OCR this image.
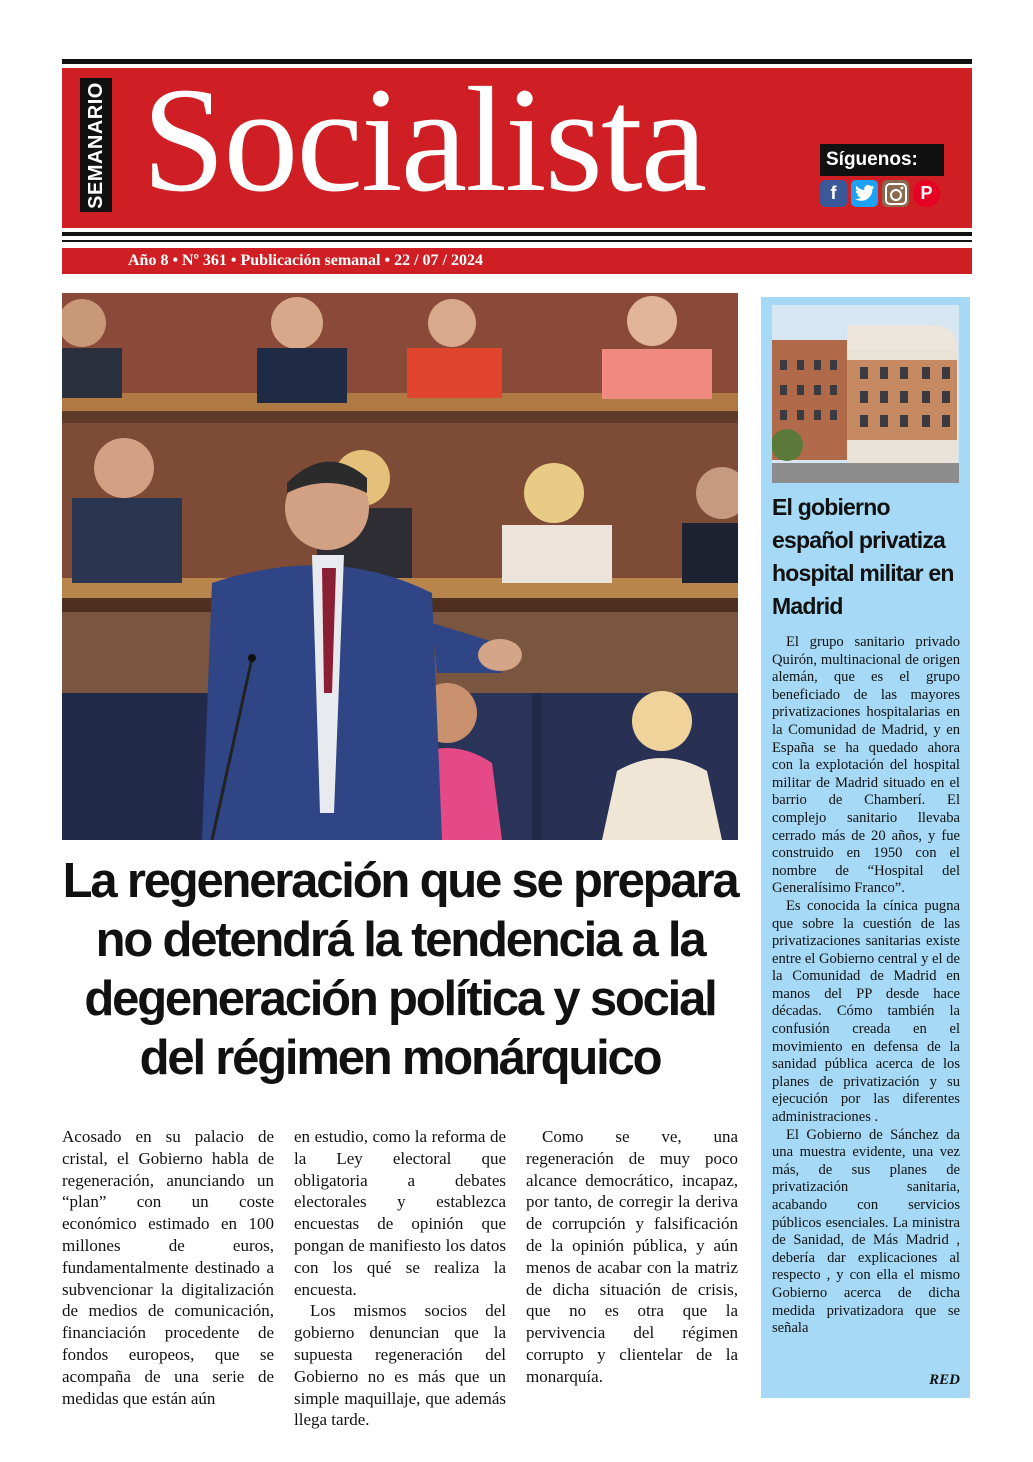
SEMANARIO Socialista	Síguenos:
f	P
Año 8 • Nº 361 • Publicación semanal • 22 / 07 / 2024
La regeneración que se prepara no detendrá la tendencia a la degeneración política y social del régimen monárquico

Acosado en su palacio de cristal, el Gobierno habla de regeneración, anunciando un “plan” con un coste económico estimado en 100 millones de euros, fundamentalmente destinado a subvencionar la digitalización de medios de comunicación, financiación procedente de fondos europeos, que se acompaña de una serie de medidas que están aún

en estudio, como la reforma de la Ley electoral que obligatoria a debates electorales y establezca encuestas de opinión que pongan de manifiesto los datos con los qué se realiza la encuesta.

Los mismos socios del gobierno denuncian que la supuesta regeneración del Gobierno no es más que un simple maquillaje, que además llega tarde.

Como se ve, una regeneración de muy poco alcance democrático, incapaz, por tanto, de corregir la deriva de corrupción y falsificación de la opinión pública, y aún menos de acabar con la matriz de dicha situación de crisis, que no es otra que la pervivencia del régimen corrupto y clientelar de la monarquía.

El gobierno español privatiza hospital militar en Madrid

El grupo sanitario privado Quirón, multinacional de origen alemán, que es el grupo beneficiado de las mayores privatizaciones hospitalarias en la Comunidad de Madrid, y en España se ha quedado ahora con la explotación del hospital militar de Madrid situado en el barrio de Chamberí. El complejo sanitario llevaba cerrado más de 20 años, y fue construido en 1950 con el nombre de “Hospital del Generalísimo Franco”.

Es conocida la cínica pugna que sobre la cuestión de las privatizaciones sanitarias existe entre el Gobierno central y el de la Comunidad de Madrid en manos del PP desde hace décadas. Cómo también la confusión creada en el movimiento en defensa de la sanidad pública acerca de los planes de privatización y su ejecución por las diferentes administraciones .

El Gobierno de Sánchez da una muestra evidente, una vez más, de sus planes de privatización sanitaria, acabando con servicios públicos esenciales. La ministra de Sanidad, de Más Madrid , debería dar explicaciones al respecto , y con ella el mismo Gobierno acerca de dicha medida privatizadora que se señala

RED
